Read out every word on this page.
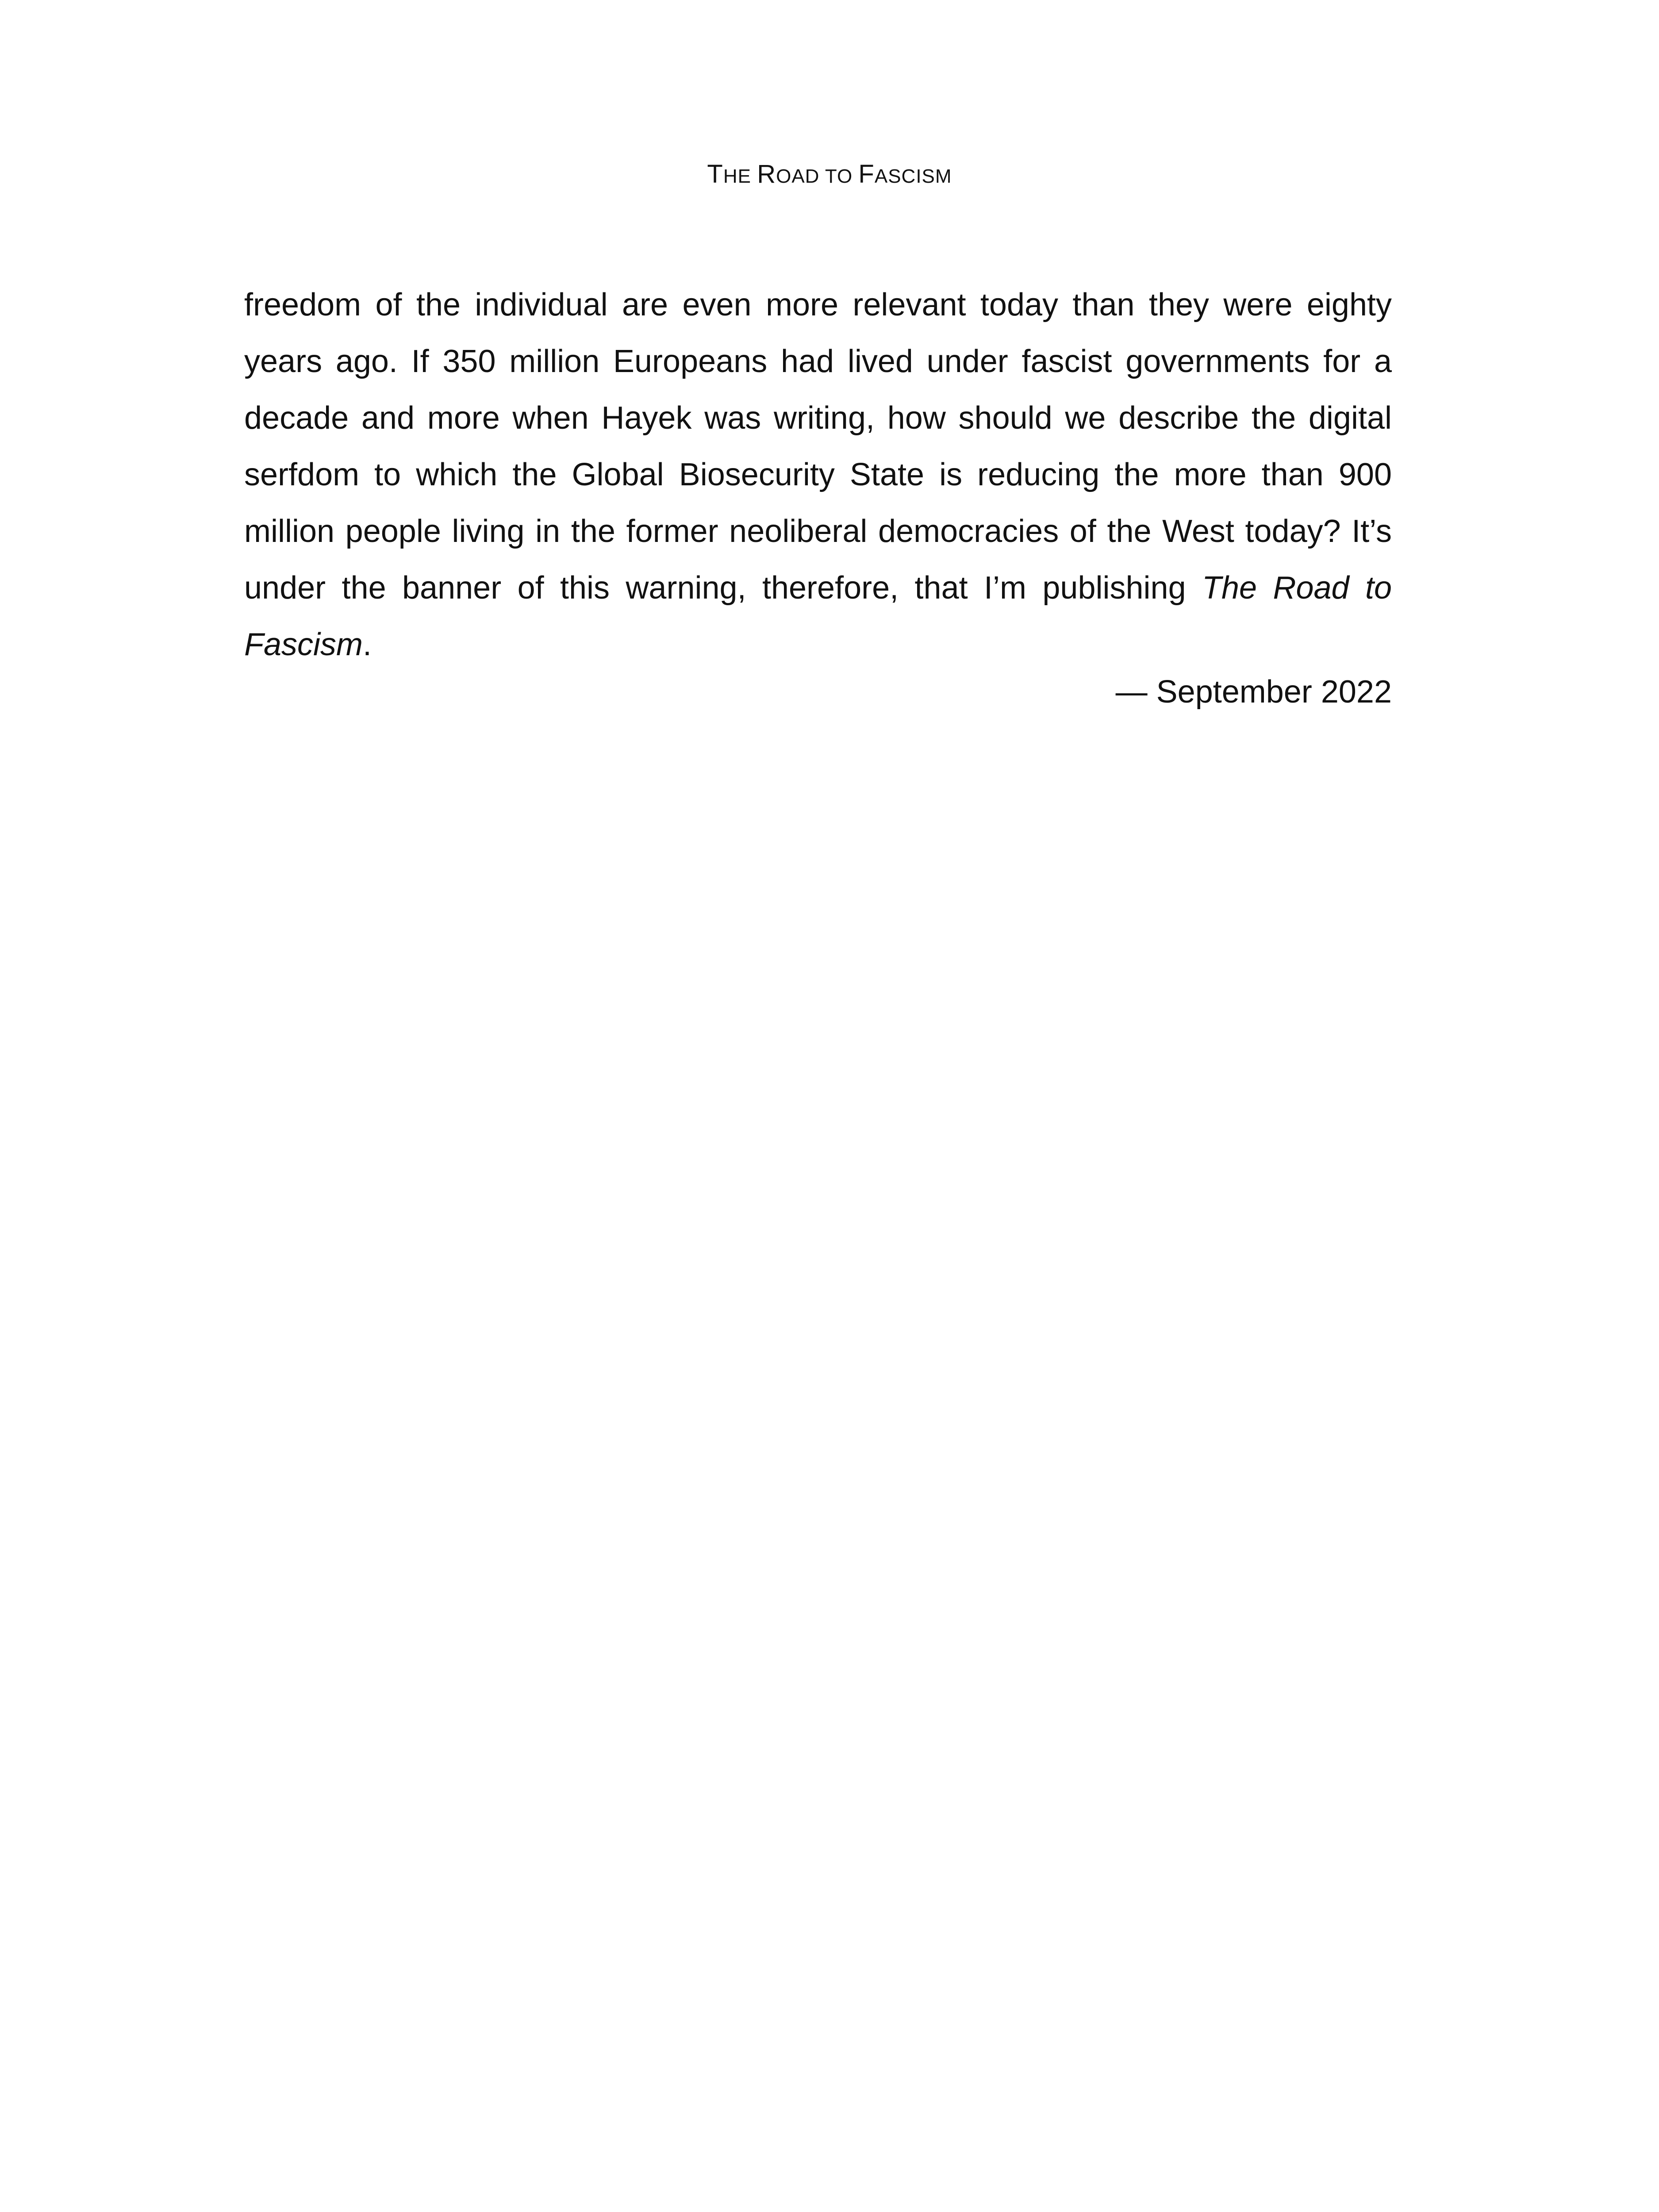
THE ROAD TO FASCISM

freedom of the individual are even more relevant today than they were eighty years ago. If 350 million Europeans had lived under fascist governments for a decade and more when Hayek was writing, how should we describe the digital serfdom to which the Global Biosecurity State is reducing the more than 900 million people living in the former neoliberal democracies of the West today? It’s under the banner of this warning, therefore, that I’m publishing The Road to Fascism.

— September 2022
